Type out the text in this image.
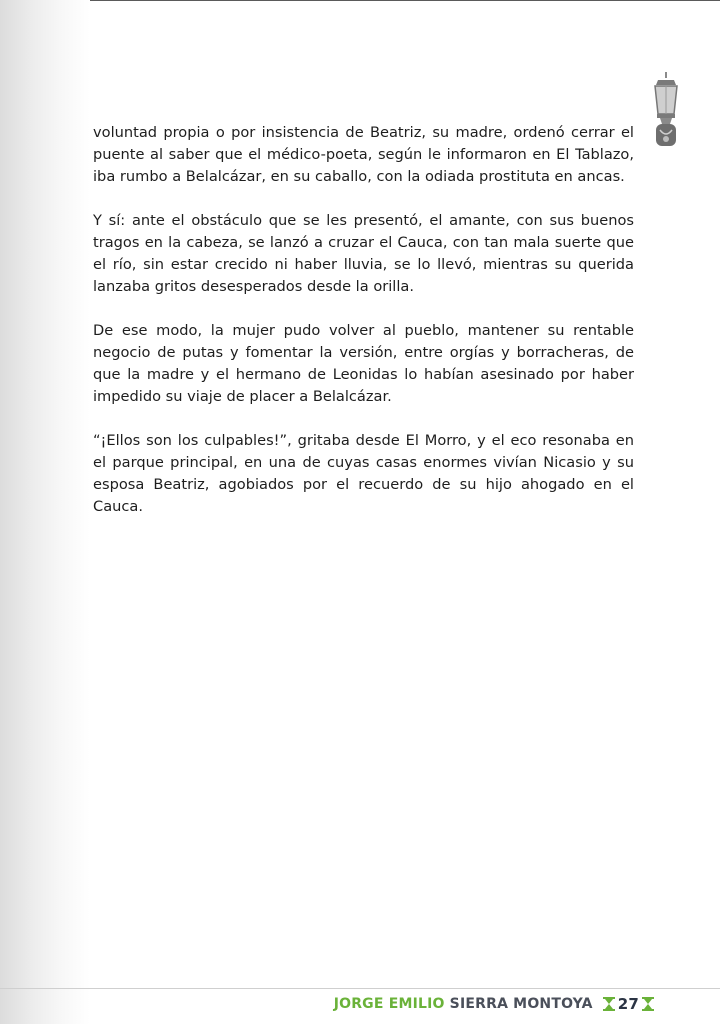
voluntad propia o por insistencia de Beatriz, su madre, ordenó cerrar el puente al saber que el médico-poeta, según le informaron en El Tablazo, iba rumbo a Belalcázar, en su caballo, con la odiada prostituta en ancas.

Y sí: ante el obstáculo que se les presentó, el amante, con sus buenos tragos en la cabeza, se lanzó a cruzar el Cauca, con tan mala suerte que el río, sin estar crecido ni haber lluvia, se lo llevó, mientras su querida lanzaba gritos desesperados desde la orilla.

De ese modo, la mujer pudo volver al pueblo, mantener su rentable negocio de putas y fomentar la versión, entre orgías y borracheras, de que la madre y el hermano de Leonidas lo habían asesinado por haber impedido su viaje de placer a Belalcázar.

“¡Ellos son los culpables!”, gritaba desde El Morro, y el eco resonaba en el parque principal, en una de cuyas casas enormes vivían Nicasio y su esposa Beatriz, agobiados por el recuerdo de su hijo ahogado en el Cauca.

JORGE EMILIO SIERRA MONTOYA 27
